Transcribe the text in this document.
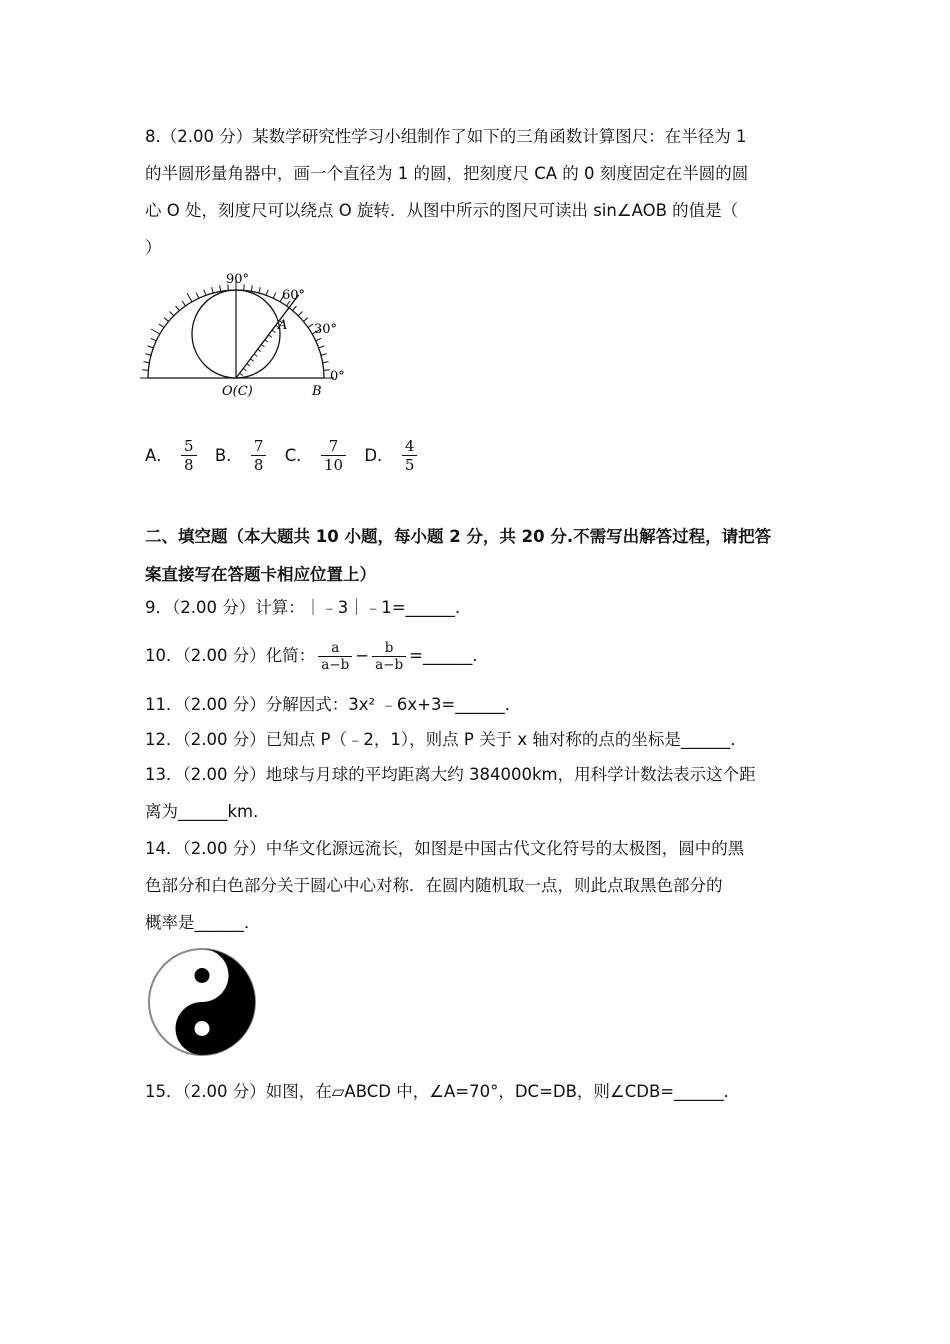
8.（2.00 分）某数学研究性学习小组制作了如下的三角函数计算图尺：在半径为 1
的半圆形量角器中，画一个直径为 1 的圆，把刻度尺 CA 的 0 刻度固定在半圆的圆
心 O 处，刻度尺可以绕点 O 旋转．从图中所示的图尺可读出 sin∠AOB 的值是（
）
90°
60°
30°
0°
A
O(C)	B
A． $\frac{5}{8}$ B． $\frac{7}{8}$ C． $\frac{7}{10}$ D． $\frac{4}{5}$
二、填空题（本大题共 10 小题，每小题 2 分，共 20 分.不需写出解答过程，请把答
案直接写在答题卡相应位置上）
9．（2.00 分）计算：｜﹣3｜﹣1=______．
10．（2.00 分）化简： $\frac{a}{a-b} - \frac{b}{a-b}$ =______．
11．（2.00 分）分解因式：3x² ﹣6x+3=______．
12．（2.00 分）已知点 P（﹣2，1），则点 P 关于 x 轴对称的点的坐标是______．
13．（2.00 分）地球与月球的平均距离大约 384000km，用科学计数法表示这个距
离为______km．
14．（2.00 分）中华文化源远流长，如图是中国古代文化符号的太极图，圆中的黑
色部分和白色部分关于圆心中心对称．在圆内随机取一点，则此点取黑色部分的
概率是______．
15．（2.00 分）如图，在▱ABCD 中，∠A=70°，DC=DB，则∠CDB=______．
